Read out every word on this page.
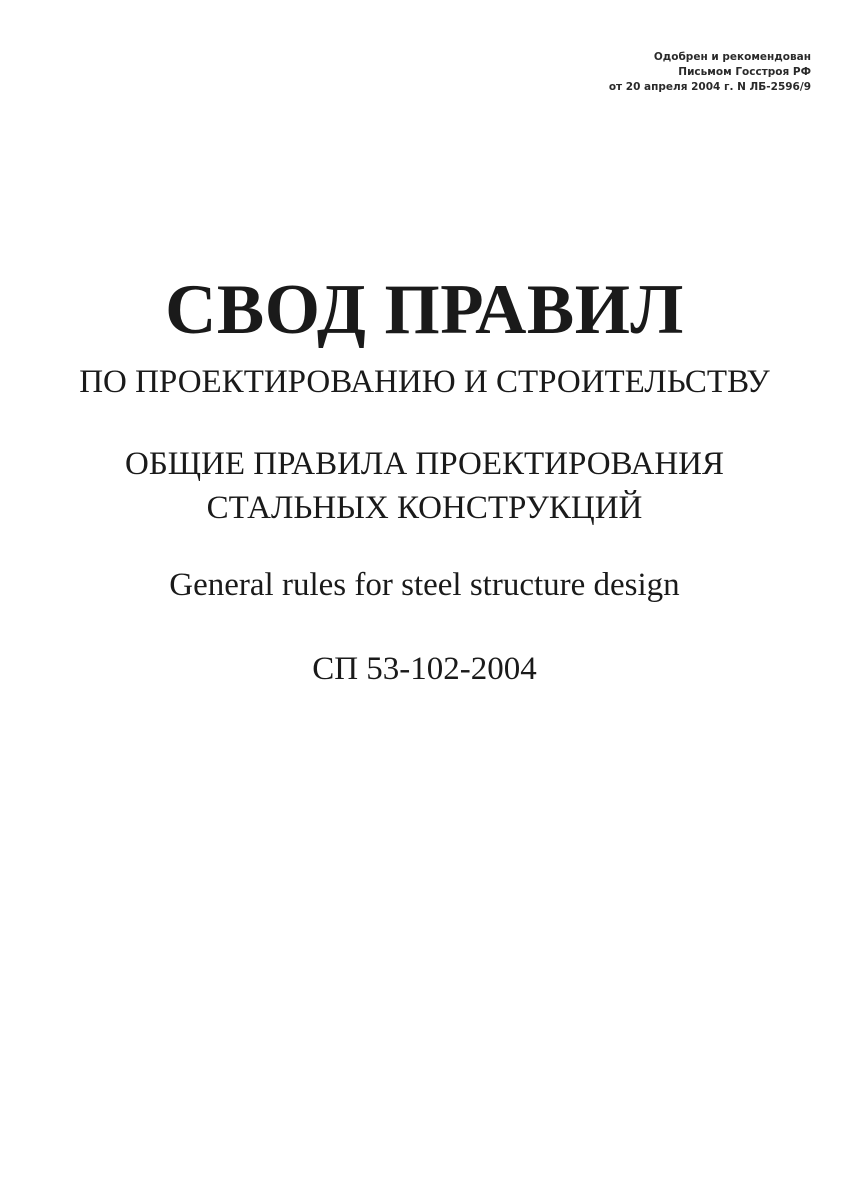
Одобрен и рекомендован
Письмом Госстроя РФ
от 20 апреля 2004 г. N ЛБ-2596/9
СВОД ПРАВИЛ
ПО ПРОЕКТИРОВАНИЮ И СТРОИТЕЛЬСТВУ
ОБЩИЕ ПРАВИЛА ПРОЕКТИРОВАНИЯ
СТАЛЬНЫХ КОНСТРУКЦИЙ
General rules for steel structure design
СП 53-102-2004
